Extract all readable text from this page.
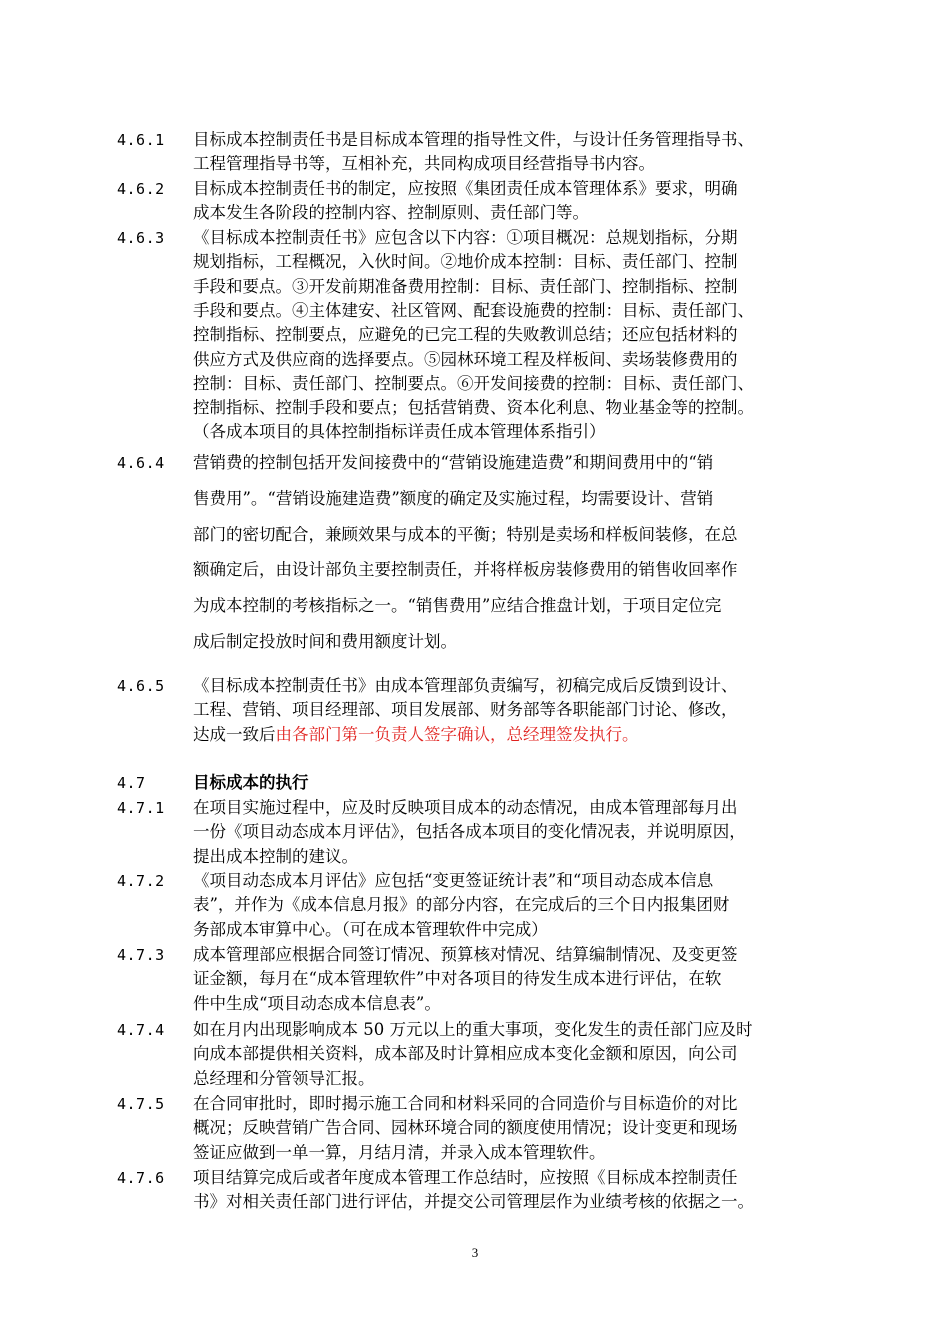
4.6.1 目标成本控制责任书是目标成本管理的指导性文件，与设计任务管理指导书、
工程管理指导书等，互相补充，共同构成项目经营指导书内容。
4.6.2 目标成本控制责任书的制定，应按照《集团责任成本管理体系》要求，明确
成本发生各阶段的控制内容、控制原则、责任部门等。
4.6.3 《目标成本控制责任书》应包含以下内容：①项目概况：总规划指标，分期
规划指标，工程概况，入伙时间。②地价成本控制：目标、责任部门、控制
手段和要点。③开发前期准备费用控制：目标、责任部门、控制指标、控制
手段和要点。④主体建安、社区管网、配套设施费的控制：目标、责任部门、
控制指标、控制要点，应避免的已完工程的失败教训总结；还应包括材料的
供应方式及供应商的选择要点。⑤园林环境工程及样板间、卖场装修费用的
控制：目标、责任部门、控制要点。⑥开发间接费的控制：目标、责任部门、
控制指标、控制手段和要点；包括营销费、资本化利息、物业基金等的控制。
（各成本项目的具体控制指标详责任成本管理体系指引）
4.6.4 营销费的控制包括开发间接费中的“营销设施建造费”和期间费用中的“销
售费用”。“营销设施建造费”额度的确定及实施过程，均需要设计、营销
部门的密切配合，兼顾效果与成本的平衡；特别是卖场和样板间装修，在总
额确定后，由设计部负主要控制责任，并将样板房装修费用的销售收回率作
为成本控制的考核指标之一。“销售费用”应结合推盘计划，于项目定位完
成后制定投放时间和费用额度计划。
4.6.5 《目标成本控制责任书》由成本管理部负责编写，初稿完成后反馈到设计、
工程、营销、项目经理部、项目发展部、财务部等各职能部门讨论、修改，
达成一致后由各部门第一负责人签字确认，总经理签发执行。
4.7	目标成本的执行
4.7.1 在项目实施过程中，应及时反映项目成本的动态情况，由成本管理部每月出
一份《项目动态成本月评估》，包括各成本项目的变化情况表，并说明原因，
提出成本控制的建议。
4.7.2 《项目动态成本月评估》应包括“变更签证统计表”和“项目动态成本信息
表”，并作为《成本信息月报》的部分内容，在完成后的三个日内报集团财
务部成本审算中心。（可在成本管理软件中完成）
4.7.3 成本管理部应根据合同签订情况、预算核对情况、结算编制情况、及变更签
证金额，每月在“成本管理软件”中对各项目的待发生成本进行评估，在软
件中生成“项目动态成本信息表”。
4.7.4 如在月内出现影响成本 50 万元以上的重大事项，变化发生的责任部门应及时
向成本部提供相关资料，成本部及时计算相应成本变化金额和原因，向公司
总经理和分管领导汇报。
4.7.5 在合同审批时，即时揭示施工合同和材料采同的合同造价与目标造价的对比
概况；反映营销广告合同、园林环境合同的额度使用情况；设计变更和现场
签证应做到一单一算，月结月清，并录入成本管理软件。
4.7.6 项目结算完成后或者年度成本管理工作总结时，应按照《目标成本控制责任
书》对相关责任部门进行评估，并提交公司管理层作为业绩考核的依据之一。
3
